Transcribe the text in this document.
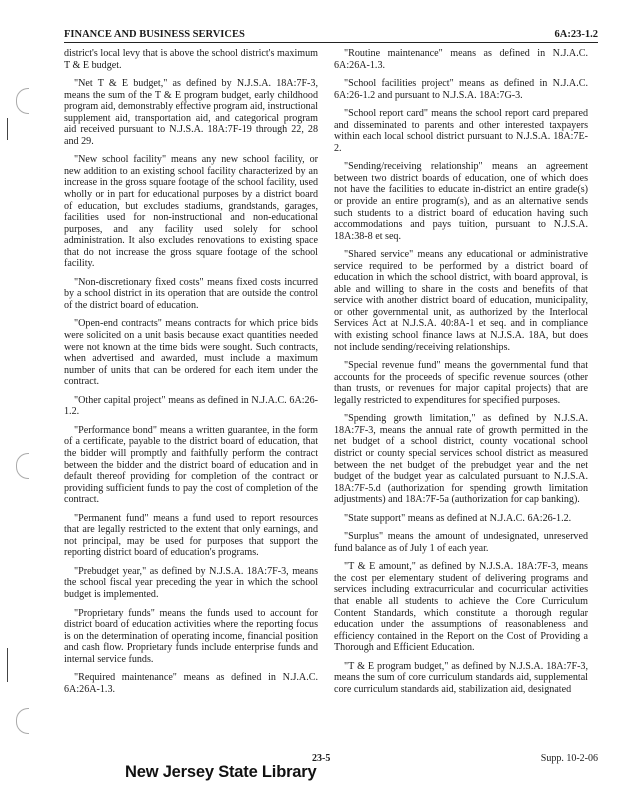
FINANCE AND BUSINESS SERVICES	6A:23-1.2

district's local levy that is above the school district's maximum T & E budget.

"Net T & E budget," as defined by N.J.S.A. 18A:7F-3, means the sum of the T & E program budget, early childhood program aid, demonstrably effective program aid, instructional supplement aid, transportation aid, and categorical program aid received pursuant to N.J.S.A. 18A:7F-19 through 22, 28 and 29.

"New school facility" means any new school facility, or new addition to an existing school facility characterized by an increase in the gross square footage of the school facility, used wholly or in part for educational purposes by a district board of education, but excludes stadiums, grandstands, garages, facilities used for non-instructional and non-educational purposes, and any facility used solely for school administration. It also excludes renovations to existing space that do not increase the gross square footage of the school facility.

"Non-discretionary fixed costs" means fixed costs incurred by a school district in its operation that are outside the control of the district board of education.

"Open-end contracts" means contracts for which price bids were solicited on a unit basis because exact quantities needed were not known at the time bids were sought. Such contracts, when advertised and awarded, must include a maximum number of units that can be ordered for each item under the contract.

"Other capital project" means as defined in N.J.A.C. 6A:26-1.2.

"Performance bond" means a written guarantee, in the form of a certificate, payable to the district board of education, that the bidder will promptly and faithfully perform the contract between the bidder and the district board of education and in default thereof providing for completion of the contract or providing sufficient funds to pay the cost of completion of the contract.

"Permanent fund" means a fund used to report resources that are legally restricted to the extent that only earnings, and not principal, may be used for purposes that support the reporting district board of education's programs.

"Prebudget year," as defined by N.J.S.A. 18A:7F-3, means the school fiscal year preceding the year in which the school budget is implemented.

"Proprietary funds" means the funds used to account for district board of education activities where the reporting focus is on the determination of operating income, financial position and cash flow. Proprietary funds include enterprise funds and internal service funds.

"Required maintenance" means as defined in N.J.A.C. 6A:26A-1.3.

"Routine maintenance" means as defined in N.J.A.C. 6A:26A-1.3.

"School facilities project" means as defined in N.J.A.C. 6A:26-1.2 and pursuant to N.J.S.A. 18A:7G-3.

"School report card" means the school report card prepared and disseminated to parents and other interested taxpayers within each local school district pursuant to N.J.S.A. 18A:7E-2.

"Sending/receiving relationship" means an agreement between two district boards of education, one of which does not have the facilities to educate in-district an entire grade(s) or provide an entire program(s), and as an alternative sends such students to a district board of education having such accommodations and pays tuition, pursuant to N.J.S.A. 18A:38-8 et seq.

"Shared service" means any educational or administrative service required to be performed by a district board of education in which the school district, with board approval, is able and willing to share in the costs and benefits of that service with another district board of education, municipality, or other governmental unit, as authorized by the Interlocal Services Act at N.J.S.A. 40:8A-1 et seq. and in compliance with existing school finance laws at N.J.S.A. 18A, but does not include sending/receiving relationships.

"Special revenue fund" means the governmental fund that accounts for the proceeds of specific revenue sources (other than trusts, or revenues for major capital projects) that are legally restricted to expenditures for specified purposes.

"Spending growth limitation," as defined by N.J.S.A. 18A:7F-3, means the annual rate of growth permitted in the net budget of a school district, county vocational school district or county special services school district as measured between the net budget of the prebudget year and the net budget of the budget year as calculated pursuant to N.J.S.A. 18A:7F-5.d (authorization for spending growth limitation adjustments) and 18A:7F-5a (authorization for cap banking).

"State support" means as defined at N.J.A.C. 6A:26-1.2.

"Surplus" means the amount of undesignated, unreserved fund balance as of July 1 of each year.

"T & E amount," as defined by N.J.S.A. 18A:7F-3, means the cost per elementary student of delivering programs and services including extracurricular and cocurricular activities that enable all students to achieve the Core Curriculum Content Standards, which constitute a thorough regular education under the assumptions of reasonableness and efficiency contained in the Report on the Cost of Providing a Thorough and Efficient Education.

"T & E program budget," as defined by N.J.S.A. 18A:7F-3, means the sum of core curriculum standards aid, supplemental core curriculum standards aid, stabilization aid, designated

23-5	Supp. 10-2-06
New Jersey State Library
